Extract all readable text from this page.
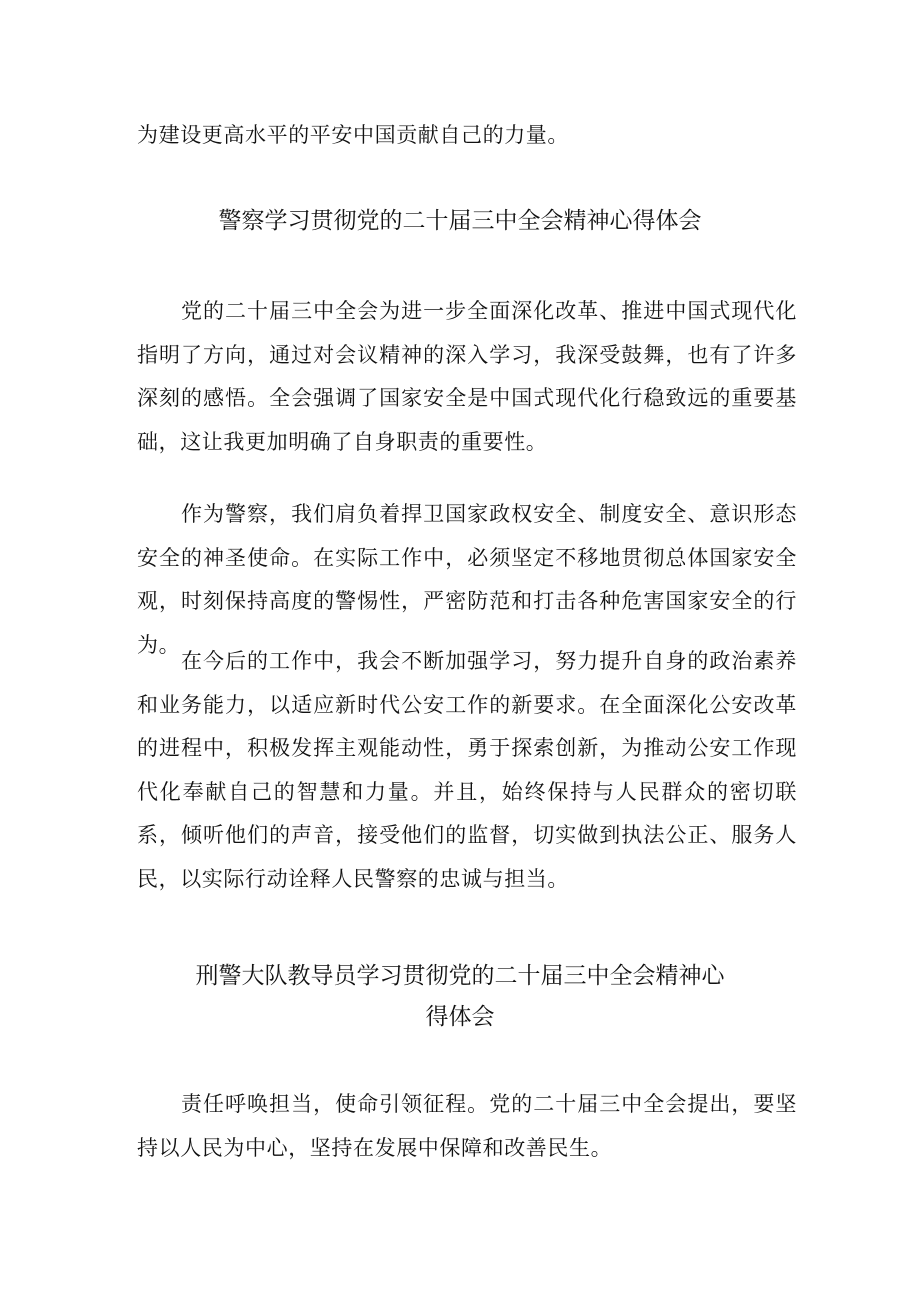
为建设更高水平的平安中国贡献自己的力量。

警察学习贯彻党的二十届三中全会精神心得体会

党的二十届三中全会为进一步全面深化改革、推进中国式现代化指明了方向，通过对会议精神的深入学习，我深受鼓舞，也有了许多深刻的感悟。全会强调了国家安全是中国式现代化行稳致远的重要基础，这让我更加明确了自身职责的重要性。

作为警察，我们肩负着捍卫国家政权安全、制度安全、意识形态安全的神圣使命。在实际工作中，必须坚定不移地贯彻总体国家安全观，时刻保持高度的警惕性，严密防范和打击各种危害国家安全的行为。

在今后的工作中，我会不断加强学习，努力提升自身的政治素养和业务能力，以适应新时代公安工作的新要求。在全面深化公安改革的进程中，积极发挥主观能动性，勇于探索创新，为推动公安工作现代化奉献自己的智慧和力量。并且，始终保持与人民群众的密切联系，倾听他们的声音，接受他们的监督，切实做到执法公正、服务人民，以实际行动诠释人民警察的忠诚与担当。

刑警大队教导员学习贯彻党的二十届三中全会精神心
得体会

责任呼唤担当，使命引领征程。党的二十届三中全会提出，要坚持以人民为中心，坚持在发展中保障和改善民生。
